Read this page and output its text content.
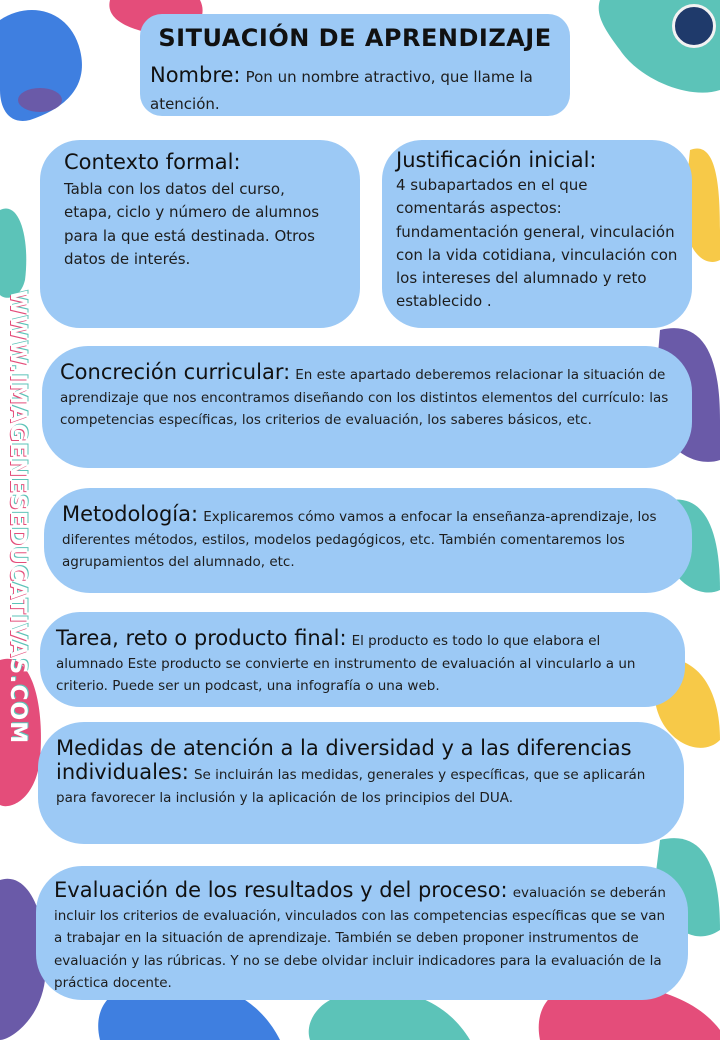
WWW.IMAGENESEDUCATIVAS.COM
SITUACIÓN DE APRENDIZAJE
Nombre: Pon un nombre atractivo, que llame la atención.
Contexto formal:
Tabla con los datos del curso, etapa, ciclo y número de alumnos para la que está destinada. Otros datos de interés.
Justificación inicial:
4 subapartados en el que comentarás aspectos: fundamentación general, vinculación con la vida cotidiana, vinculación con los intereses del alumnado y reto establecido .
Concreción curricular: En este apartado deberemos relacionar la situación de aprendizaje que nos encontramos diseñando con los distintos elementos del currículo: las competencias específicas, los criterios de evaluación, los saberes básicos, etc.
Metodología: Explicaremos cómo vamos a enfocar la enseñanza-aprendizaje, los diferentes métodos, estilos, modelos pedagógicos, etc. También comentaremos los agrupamientos del alumnado, etc.
Tarea, reto o producto final: El producto es todo lo que elabora el alumnado Este producto se convierte en instrumento de evaluación al vincularlo a un criterio. Puede ser un podcast, una infografía o una web.
Medidas de atención a la diversidad y a las diferencias individuales: Se incluirán las medidas, generales y específicas, que se aplicarán para favorecer la inclusión y la aplicación de los principios del DUA.
Evaluación de los resultados y del proceso: evaluación se deberán incluir los criterios de evaluación, vinculados con las competencias específicas que se van a trabajar en la situación de aprendizaje. También se deben proponer instrumentos de evaluación y las rúbricas. Y no se debe olvidar incluir indicadores para la evaluación de la práctica docente.
